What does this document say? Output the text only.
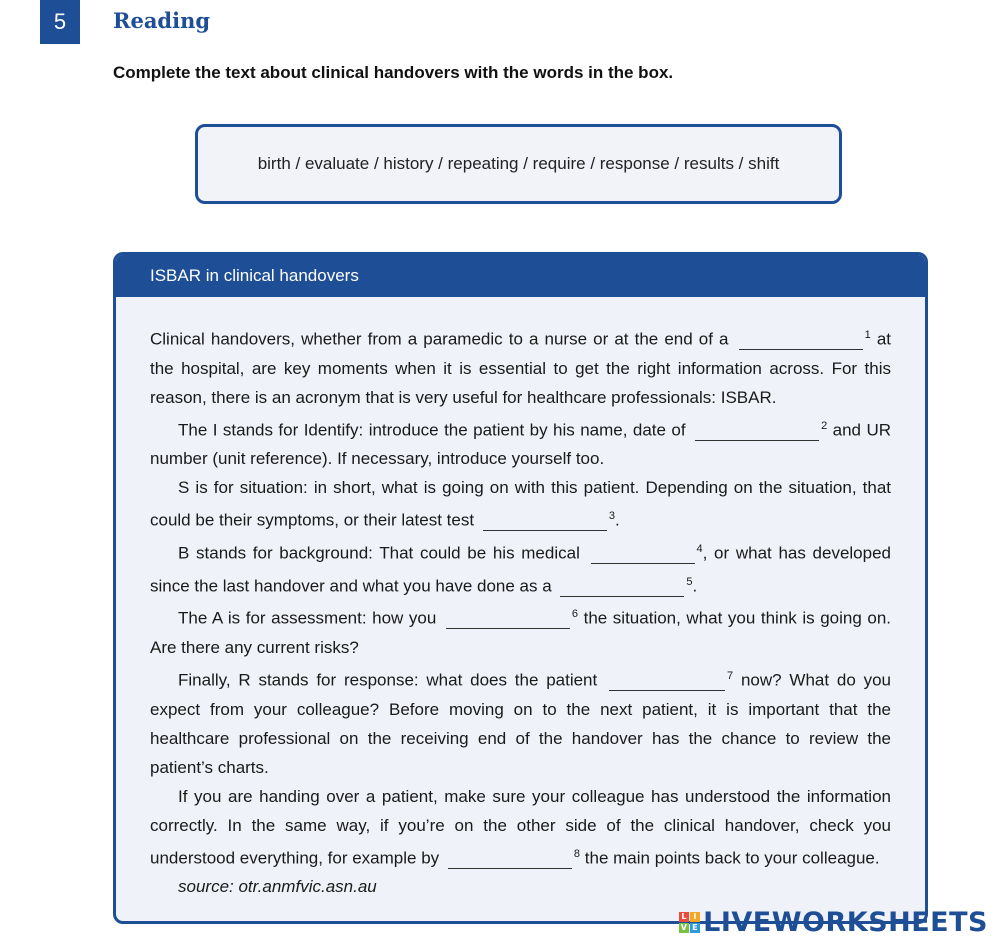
5 Reading
Complete the text about clinical handovers with the words in the box.
birth / evaluate / history / repeating / require / response / results / shift
ISBAR in clinical handovers

Clinical handovers, whether from a paramedic to a nurse or at the end of a	$^1$ at the hospital, are key moments when it is essential to get the right information across. For this reason, there is an acronym that is very useful for healthcare professionals: ISBAR.

The I stands for Identify: introduce the patient by his name, date of	$^2$ and UR number (unit reference). If necessary, introduce yourself too.

S is for situation: in short, what is going on with this patient. Depending on the situation, that could be their symptoms, or their latest test	$^3$.

B stands for background: That could be his medical	$^4$, or what has developed since the last handover and what you have done as a	$^5$.

The A is for assessment: how you	$^6$ the situation, what you think is going on. Are there any current risks?

Finally, R stands for response: what does the patient	$^7$ now? What do you expect from your colleague? Before moving on to the next patient, it is important that the healthcare professional on the receiving end of the handover has the chance to review the patient’s charts.

If you are handing over a patient, make sure your colleague has understood the information correctly. In the same way, if you’re on the other side of the clinical handover, check you understood everything, for example by	$^8$ the main points back to your colleague.

source: otr.anmfvic.asn.au

L I
V E LIVEWORKSHEETS
